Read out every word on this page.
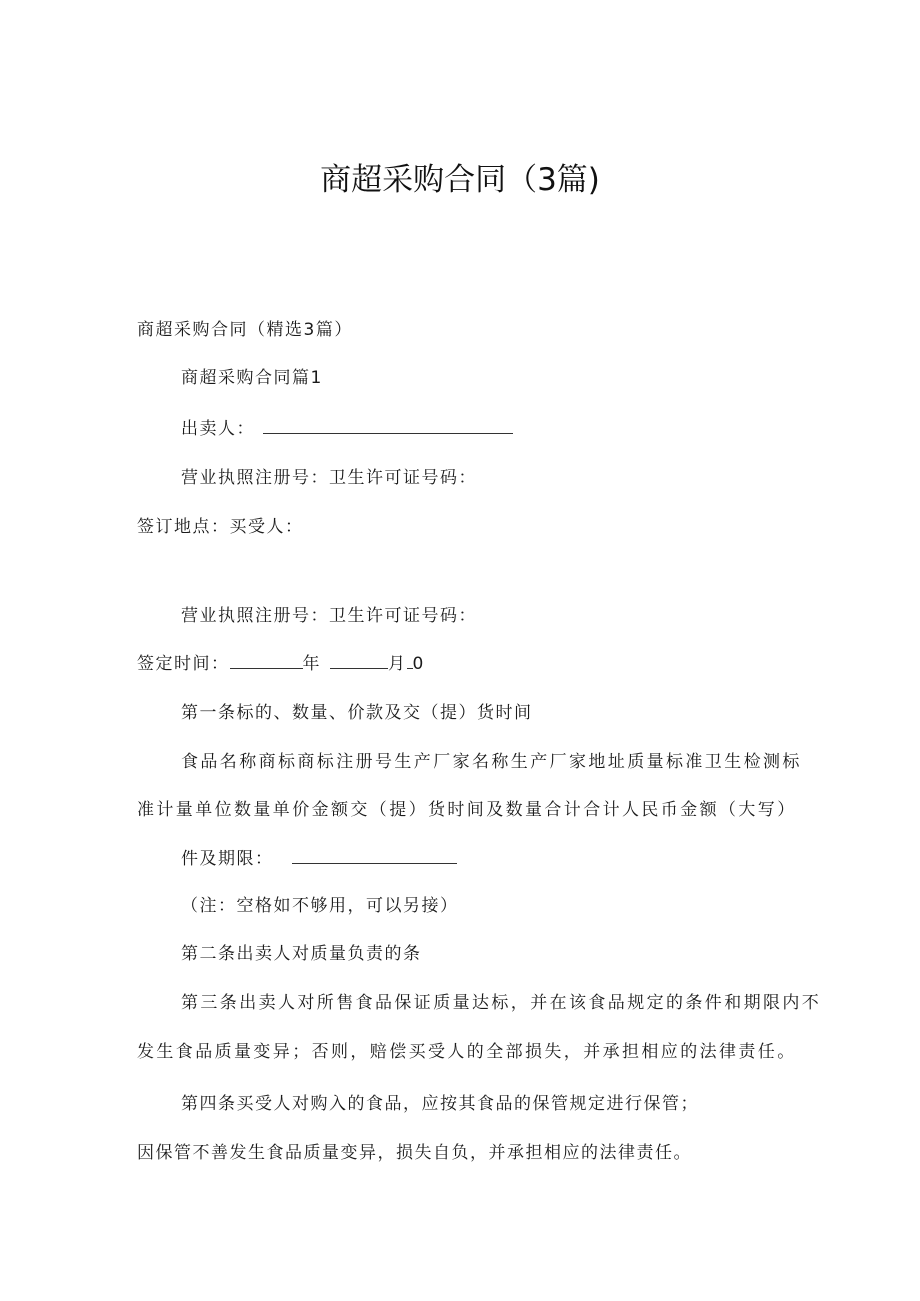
商超采购合同（3篇)
商超采购合同（精选3篇）
商超采购合同篇1
出卖人：
营业执照注册号：卫生许可证号码：
签订地点：买受人：
营业执照注册号：卫生许可证号码：
签定时间：	年	月 0
第一条标的、数量、价款及交（提）货时间
食品名称商标商标注册号生产厂家名称生产厂家地址质量标准卫生检测标
准计量单位数量单价金额交（提）货时间及数量合计合计人民币金额（大写）
件及期限：
（注：空格如不够用，可以另接）
第二条出卖人对质量负责的条
第三条出卖人对所售食品保证质量达标，并在该食品规定的条件和期限内不
发生食品质量变异；否则，赔偿买受人的全部损失，并承担相应的法律责任。
第四条买受人对购入的食品，应按其食品的保管规定进行保管；
因保管不善发生食品质量变异，损失自负，并承担相应的法律责任。
